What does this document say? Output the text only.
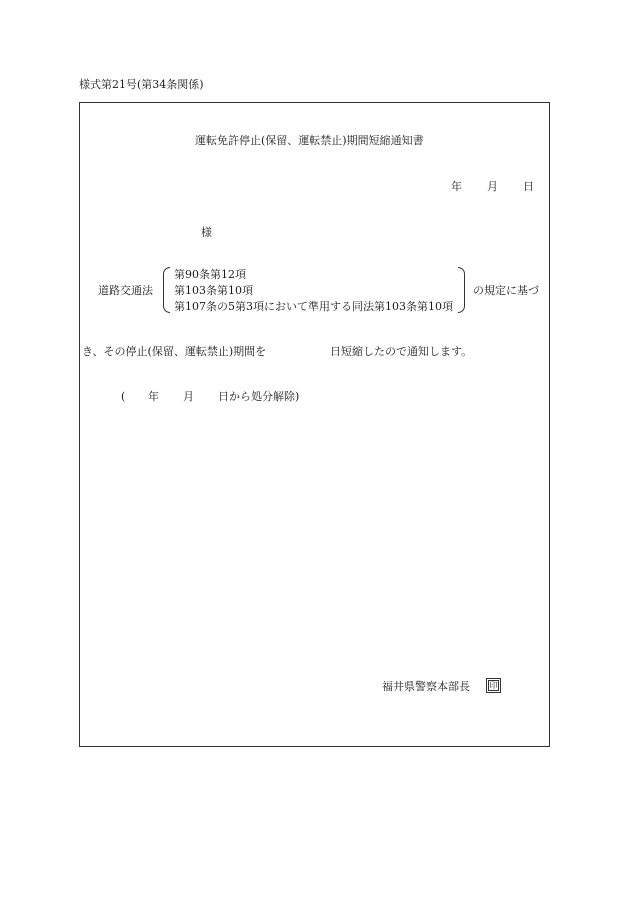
様式第21号(第34条関係)
運転免許停止(保留、運転禁止)期間短縮通知書
年 月 日
様
道路交通法
第90条第12項
第103条第10項
第107条の5第3項において準用する同法第103条第10項
の規定に基づ
き、その停止(保留、運転禁止)期間を	日短縮したので通知します。
( 年 月 日から処分解除)
福井県警察本部長 印
